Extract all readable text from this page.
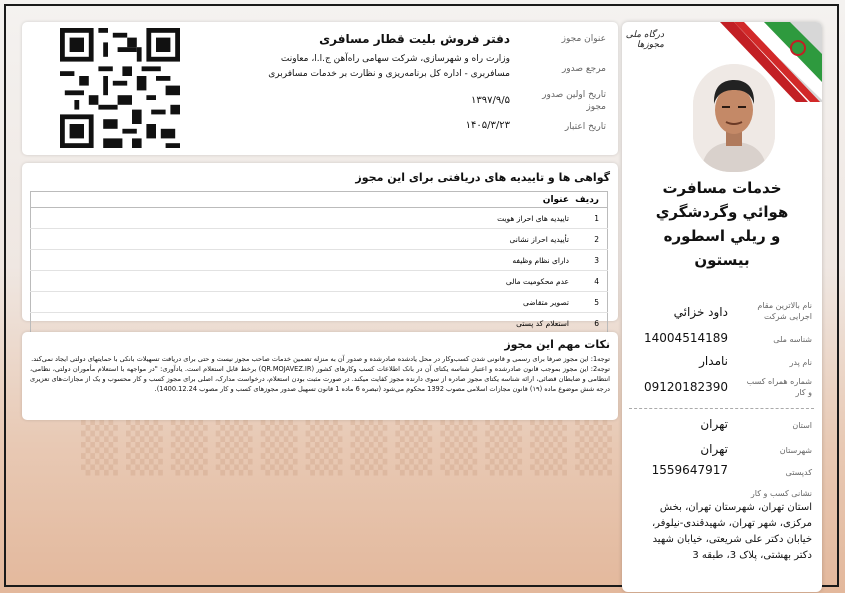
▒▒▒▒▒▒▒▒▒▒▒▒
درگاه ملی مجوزها
خدمات مسافرت
هوائي وگردشگري
و ريلي اسطوره
بيستون
نام بالاترین مقام اجرایی شرکت
داود خزائي
شناسه ملی
14004514189
نام پدر
نامدار
شماره همراه کسب و کار
09120182390
استان
تهران
شهرستان
تهران
کدپستی
1559647917
نشانی کسب و کار
استان تهران، شهرستان تهران، بخش مرکزی، شهر تهران، شهيدقندی-نيلوفر، خيابان دكتر علی شريعتی، خيابان شهيد دكتر بهشتی، پلاک 3، طبقه 3
عنوان مجوز
دفتر فروش بلیت قطار مسافری
مرجع صدور
وزارت راه و شهرسازی، شرکت سهامی راه‌آهن ج.ا.ا، معاونت مسافربری - اداره کل برنامه‌ریزی و نظارت بر خدمات مسافربری
تاریخ اولین صدور مجوز
۱۳۹۷/۹/۵
تاریخ اعتبار
۱۴۰۵/۳/۲۳
گواهی ها و تاییدیه های دریافتی برای این مجوز
ردیف	عنوان
1	تاییدیه های احراز هویت
2	تأییدیه احراز نشانی
3	دارای نظام وظیفه
4	عدم محکومیت مالی
5	تصویر متقاضی
6	استعلام کد پستی
نکات مهم این مجوز

توجه1: این مجوز صرفا برای رسمی و قانونی شدن کسب‌وکار در محل یادشده صادرشده و صدور آن به منزله تضمین خدمات صاحب مجوز نیست و حتی برای دریافت تسهیلات بانکی با حمایتهای دولتی ایجاد نمی‌کند.

توجه2: این مجوز بموجب قانون صادرشده و اعتبار شناسه یکتای آن در بانک اطلاعات کسب وکارهای کشور (QR.MOJAVEZ.IR) برخط قابل استعلام است. یادآوری: "در مواجهه با استعلام مأموران دولتی، نظامی، انتظامی و ضابطان قضائی، ارائه شناسه یکتای مجوز صادره از سوی دارنده مجوز کفایت میکند. در صورت مثبت بودن استعلام، درخواست مدارک، اصلی برای مجوز کسب و کار محسوب و یک از مجازات‌های تعزیری درجه شش موضوع ماده (۱۹) قانون مجازات اسلامی مصوب 1392 محکوم می‌شود (تبصره 6 ماده 1 قانون تسهیل صدور مجوزهای کسب و کار مصوب 1400.12.24).
